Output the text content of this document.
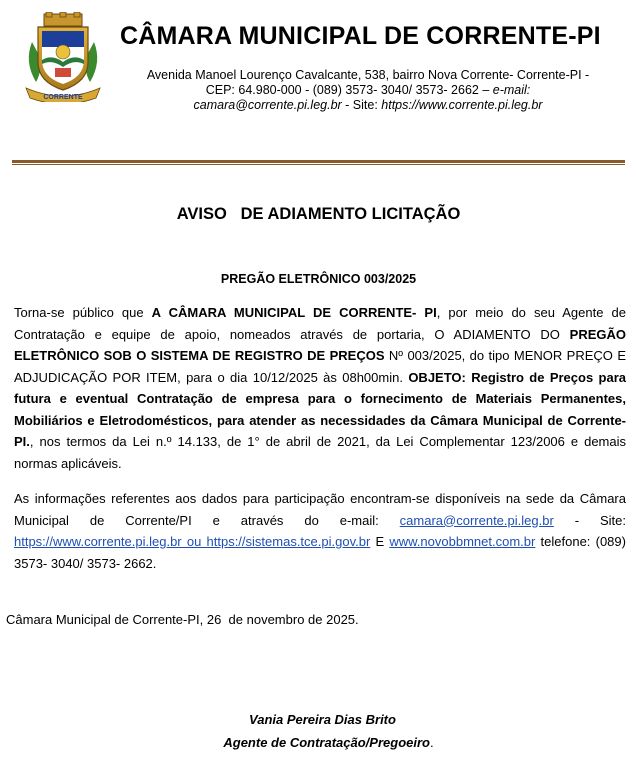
CORRENTE
CÂMARA MUNICIPAL DE CORRENTE-PI
Avenida Manoel Lourenço Cavalcante, 538, bairro Nova Corrente- Corrente-PI -
CEP: 64.980-000 - (089) 3573- 3040/ 3573- 2662 – e-mail:
camara@corrente.pi.leg.br - Site: https://www.corrente.pi.leg.br
AVISO   DE ADIAMENTO LICITAÇÃO
PREGÃO ELETRÔNICO 003/2025
Torna-se público que A CÂMARA MUNICIPAL DE CORRENTE- PI, por meio do seu Agente de Contratação e equipe de apoio, nomeados através de portaria, O ADIAMENTO DO PREGÃO ELETRÔNICO SOB O SISTEMA DE REGISTRO DE PREÇOS Nº 003/2025, do tipo MENOR PREÇO E ADJUDICAÇÃO POR ITEM, para o dia 10/12/2025 às 08h00min. OBJETO: Registro de Preços para futura e eventual Contratação de empresa para o fornecimento de Materiais Permanentes, Mobiliários e Eletrodomésticos, para atender as necessidades da Câmara Municipal de Corrente-PI., nos termos da Lei n.º 14.133, de 1° de abril de 2021, da Lei Complementar 123/2006 e demais normas aplicáveis.
As informações referentes aos dados para participação encontram-se disponíveis na sede da Câmara Municipal de Corrente/PI e através do e-mail: camara@corrente.pi.leg.br - Site: https://www.corrente.pi.leg.br ou https://sistemas.tce.pi.gov.br E www.novobbmnet.com.br telefone: (089) 3573- 3040/ 3573- 2662.
Câmara Municipal de Corrente-PI, 26  de novembro de 2025.
Vania Pereira Dias Brito
Agente de Contratação/Pregoeiro.
